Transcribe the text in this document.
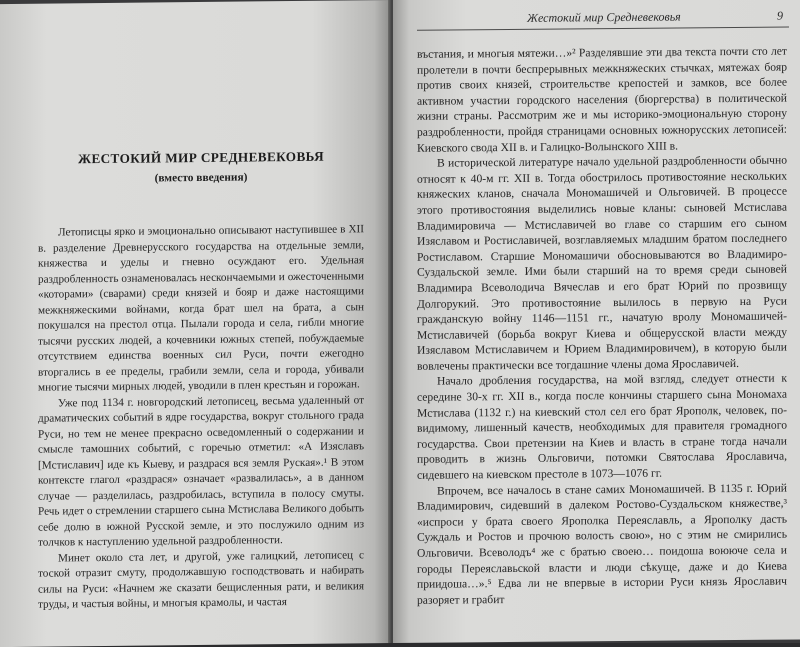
ЖЕСТОКИЙ МИР СРЕДНЕВЕКОВЬЯ
(вместо введения)

Летописцы ярко и эмоционально описывают наступившее в XII в. разделение Древнерусского государства на отдельные земли, княжества и уделы и гневно осуждают его. Удельная раздробленность ознаменовалась нескончаемыми и ожесточенными «которами» (сварами) среди князей и бояр и даже настоящими межкняжескими войнами, когда брат шел на брата, а сын покушался на престол отца. Пылали города и села, гибли многие тысячи русских людей, а кочевники южных степей, побуждаемые отсутствием единства военных сил Руси, почти ежегодно вторгались в ее пределы, грабили земли, села и города, убивали многие тысячи мирных людей, уводили в плен крестьян и горожан.

Уже под 1134 г. новгородский летописец, весьма удаленный от драматических событий в ядре государства, вокруг стольного града Руси, но тем не менее прекрасно осведомленный о содержании и смысле тамошних событий, с горечью отметил: «А Изяславъ [Мстиславич] иде къ Кыеву, и раздрася вся земля Руская».¹ В этом контексте глагол «раздрася» означает «развалилась», а в данном случае — разделилась, раздробилась, вступила в полосу смуты. Речь идет о стремлении старшего сына Мстислава Великого добыть себе долю в южной Русской земле, и это послужило одним из толчков к наступлению удельной раздробленности.

Минет около ста лет, и другой, уже галицкий, летописец с тоской отразит смуту, продолжавшую господствовать и набирать силы на Руси: «Начнем же сказати бещисленныя рати, и великия труды, и частыя войны, и многыя крамолы, и частая

Жестокий мир Средневековья	9

въстания, и многыя мятежи…»² Разделявшие эти два текста почти сто лет пролетели в почти беспрерывных межкняжеских стычках, мятежах бояр против своих князей, строительстве крепостей и замков, все более активном участии городского населения (бюргерства) в политической жизни страны. Рассмотрим же и мы историко-эмоциональную сторону раздробленности, пройдя страницами основных южнорусских летописей: Киевского свода XII в. и Галицко-Волынского XIII в.

В исторической литературе начало удельной раздробленности обычно относят к 40-м гг. XII в. Тогда обострилось противостояние нескольких княжеских кланов, сначала Мономашичей и Ольговичей. В процессе этого противостояния выделились новые кланы: сыновей Мстислава Владимировича — Мстиславичей во главе со старшим его сыном Изяславом и Ростиславичей, возглавляемых младшим братом последнего Ростиславом. Старшие Мономашичи обосновываются во Владимиро-Суздальской земле. Ими были старший на то время среди сыновей Владимира Всеволодича Вячеслав и его брат Юрий по прозвищу Долгорукий. Это противостояние вылилось в первую на Руси гражданскую войну 1146—1151 гг., начатую вролу Мономашичей-Мстиславичей (борьба вокруг Киева и общерусской власти между Изяславом Мстиславичем и Юрием Владимировичем), в которую были вовлечены практически все тогдашние члены дома Ярославичей.

Начало дробления государства, на мой взгляд, следует отнести к середине 30-х гг. XII в., когда после кончины старшего сына Мономаха Мстислава (1132 г.) на киевский стол сел его брат Ярополк, человек, по-видимому, лишенный качеств, необходимых для правителя громадного государства. Свои претензии на Киев и власть в стране тогда начали проводить в жизнь Ольговичи, потомки Святослава Ярославича, сидевшего на киевском престоле в 1073—1076 гг.

Впрочем, все началось в стане самих Мономашичей. В 1135 г. Юрий Владимирович, сидевший в далеком Ростово-Суздальском княжестве,³ «испроси у брата своего Ярополка Переяславль, а Ярополку дасть Суждаль и Ростов и прочюю волость свою», но с этим не смирились Ольговичи. Всеволодъ⁴ же с братью своею… поидоша воююче села и городы Переяславьской власти и люди сѣкуще, даже и до Киева приидоша…».⁵ Едва ли не впервые в истории Руси князь Ярославич разоряет и грабит
